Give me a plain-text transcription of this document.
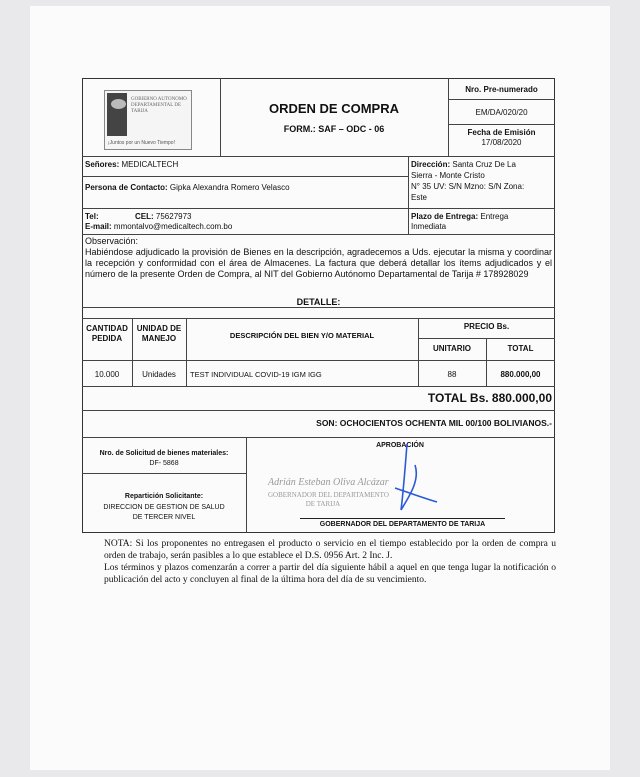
GOBIERNO AUTONOMO DEPARTAMENTAL DE TARIJA
¡Juntos por un Nuevo Tiempo!
ORDEN DE COMPRA
FORM.: SAF – ODC - 06
Nro. Pre-numerado
EM/DA/020/20
Fecha de Emisión
17/08/2020
Señores: MEDICALTECH
Persona de Contacto: Gipka Alexandra Romero Velasco
Tel:	CEL: 75627973
E-mail: mmontalvo@medicaltech.com.bo
Dirección: Santa Cruz De La
Sierra - Monte Cristo
N° 35 UV: S/N Mzno: S/N Zona:
Este
Plazo de Entrega: Entrega
Inmediata
Observación:
Habiéndose adjudicado la provisión de Bienes en la descripción, agradecemos a Uds. ejecutar la misma y coordinar la recepción y conformidad con el área de Almacenes. La factura que deberá detallar los ítems adjudicados y el número de la presente Orden de Compra, al NIT del Gobierno Autónomo Departamental de Tarija # 178928029
DETALLE:
CANTIDAD
PEDIDA
UNIDAD DE
MANEJO	DESCRIPCIÓN DEL BIEN Y/O MATERIAL
PRECIO Bs.
UNITARIO	TOTAL
10.000	Unidades	TEST INDIVIDUAL COVID-19 IGM IGG	88	880.000,00
TOTAL Bs. 880.000,00
SON: OCHOCIENTOS OCHENTA MIL 00/100 BOLIVIANOS.-
Nro. de Solicitud de bienes materiales:
DF- 5868
APROBACIÓN
Repartición Solicitante:
DIRECCION DE GESTION DE SALUD
DE TERCER NIVEL
Adrián Esteban Oliva Alcázar
GOBERNADOR DEL DEPARTAMENTO
DE TARIJA
GOBERNADOR DEL DEPARTAMENTO DE TARIJA
NOTA: Si los proponentes no entregasen el producto o servicio en el tiempo establecido por la orden de compra u orden de trabajo, serán pasibles a lo que establece el D.S. 0956 Art. 2 Inc. J.
Los términos y plazos comenzarán a correr a partir del día siguiente hábil a aquel en que tenga lugar la notificación o publicación del acto y concluyen al final de la última hora del día de su vencimiento.
